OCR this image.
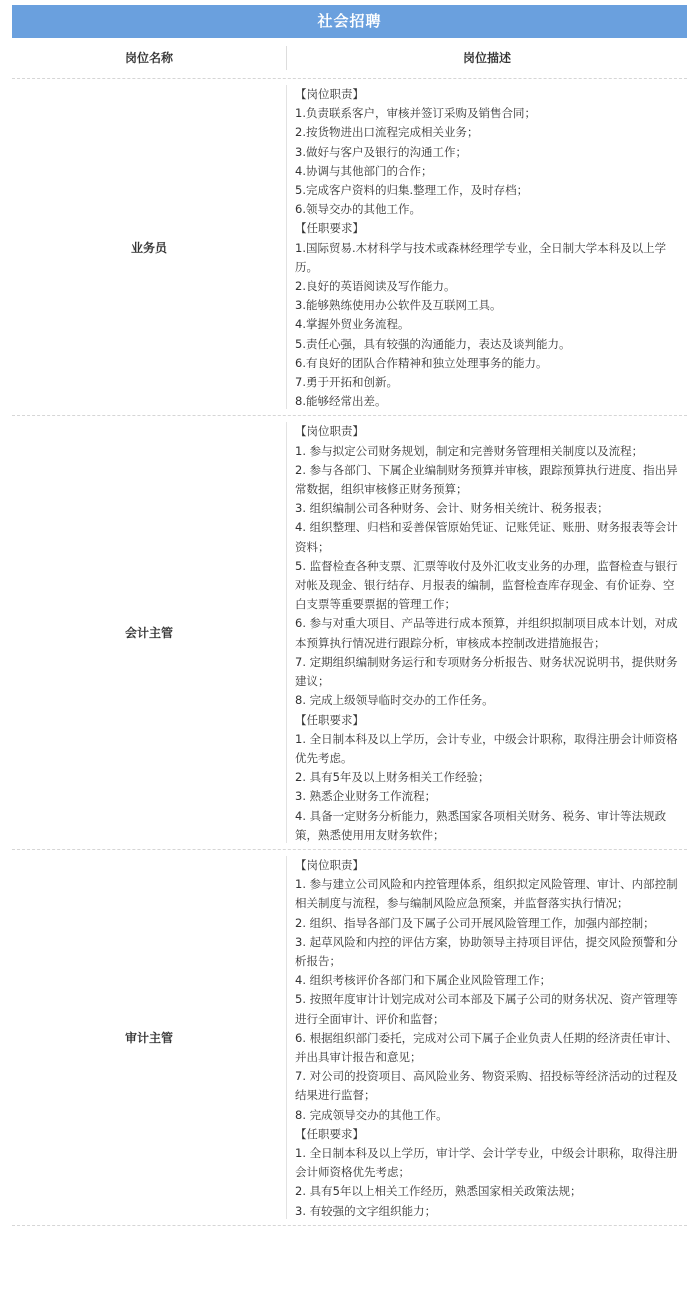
社会招聘
岗位名称	岗位描述
业务员
【岗位职责】
1.负责联系客户，审核并签订采购及销售合同；
2.按货物进出口流程完成相关业务；
3.做好与客户及银行的沟通工作；
4.协调与其他部门的合作；
5.完成客户资料的归集.整理工作，及时存档；
6.领导交办的其他工作。
【任职要求】
1.国际贸易.木材科学与技术或森林经理学专业，全日制大学本科及以上学历。
2.良好的英语阅读及写作能力。
3.能够熟练使用办公软件及互联网工具。
4.掌握外贸业务流程。
5.责任心强，具有较强的沟通能力，表达及谈判能力。
6.有良好的团队合作精神和独立处理事务的能力。
7.勇于开拓和创新。
8.能够经常出差。
会计主管
【岗位职责】
1. 参与拟定公司财务规划，制定和完善财务管理相关制度以及流程；
2. 参与各部门、下属企业编制财务预算并审核，跟踪预算执行进度、指出异常数据，组织审核修正财务预算；
3. 组织编制公司各种财务、会计、财务相关统计、税务报表；
4. 组织整理、归档和妥善保管原始凭证、记账凭证、账册、财务报表等会计资料；
5. 监督检查各种支票、汇票等收付及外汇收支业务的办理，监督检查与银行对帐及现金、银行结存、月报表的编制，监督检查库存现金、有价证券、空白支票等重要票据的管理工作；
6. 参与对重大项目、产品等进行成本预算，并组织拟制项目成本计划，对成本预算执行情况进行跟踪分析，审核成本控制改进措施报告；
7. 定期组织编制财务运行和专项财务分析报告、财务状况说明书，提供财务建议；
8. 完成上级领导临时交办的工作任务。
【任职要求】
1. 全日制本科及以上学历，会计专业，中级会计职称，取得注册会计师资格优先考虑。
2. 具有5年及以上财务相关工作经验；
3. 熟悉企业财务工作流程；
4. 具备一定财务分析能力，熟悉国家各项相关财务、税务、审计等法规政策，熟悉使用用友财务软件；
审计主管
【岗位职责】
1. 参与建立公司风险和内控管理体系，组织拟定风险管理、审计、内部控制相关制度与流程，参与编制风险应急预案，并监督落实执行情况；
2. 组织、指导各部门及下属子公司开展风险管理工作，加强内部控制；
3. 起草风险和内控的评估方案，协助领导主持项目评估，提交风险预警和分析报告；
4. 组织考核评价各部门和下属企业风险管理工作；
5. 按照年度审计计划完成对公司本部及下属子公司的财务状况、资产管理等进行全面审计、评价和监督；
6. 根据组织部门委托，完成对公司下属子企业负责人任期的经济责任审计、并出具审计报告和意见；
7. 对公司的投资项目、高风险业务、物资采购、招投标等经济活动的过程及结果进行监督；
8. 完成领导交办的其他工作。
【任职要求】
1. 全日制本科及以上学历，审计学、会计学专业，中级会计职称，取得注册会计师资格优先考虑；
2. 具有5年以上相关工作经历，熟悉国家相关政策法规；
3. 有较强的文字组织能力；
